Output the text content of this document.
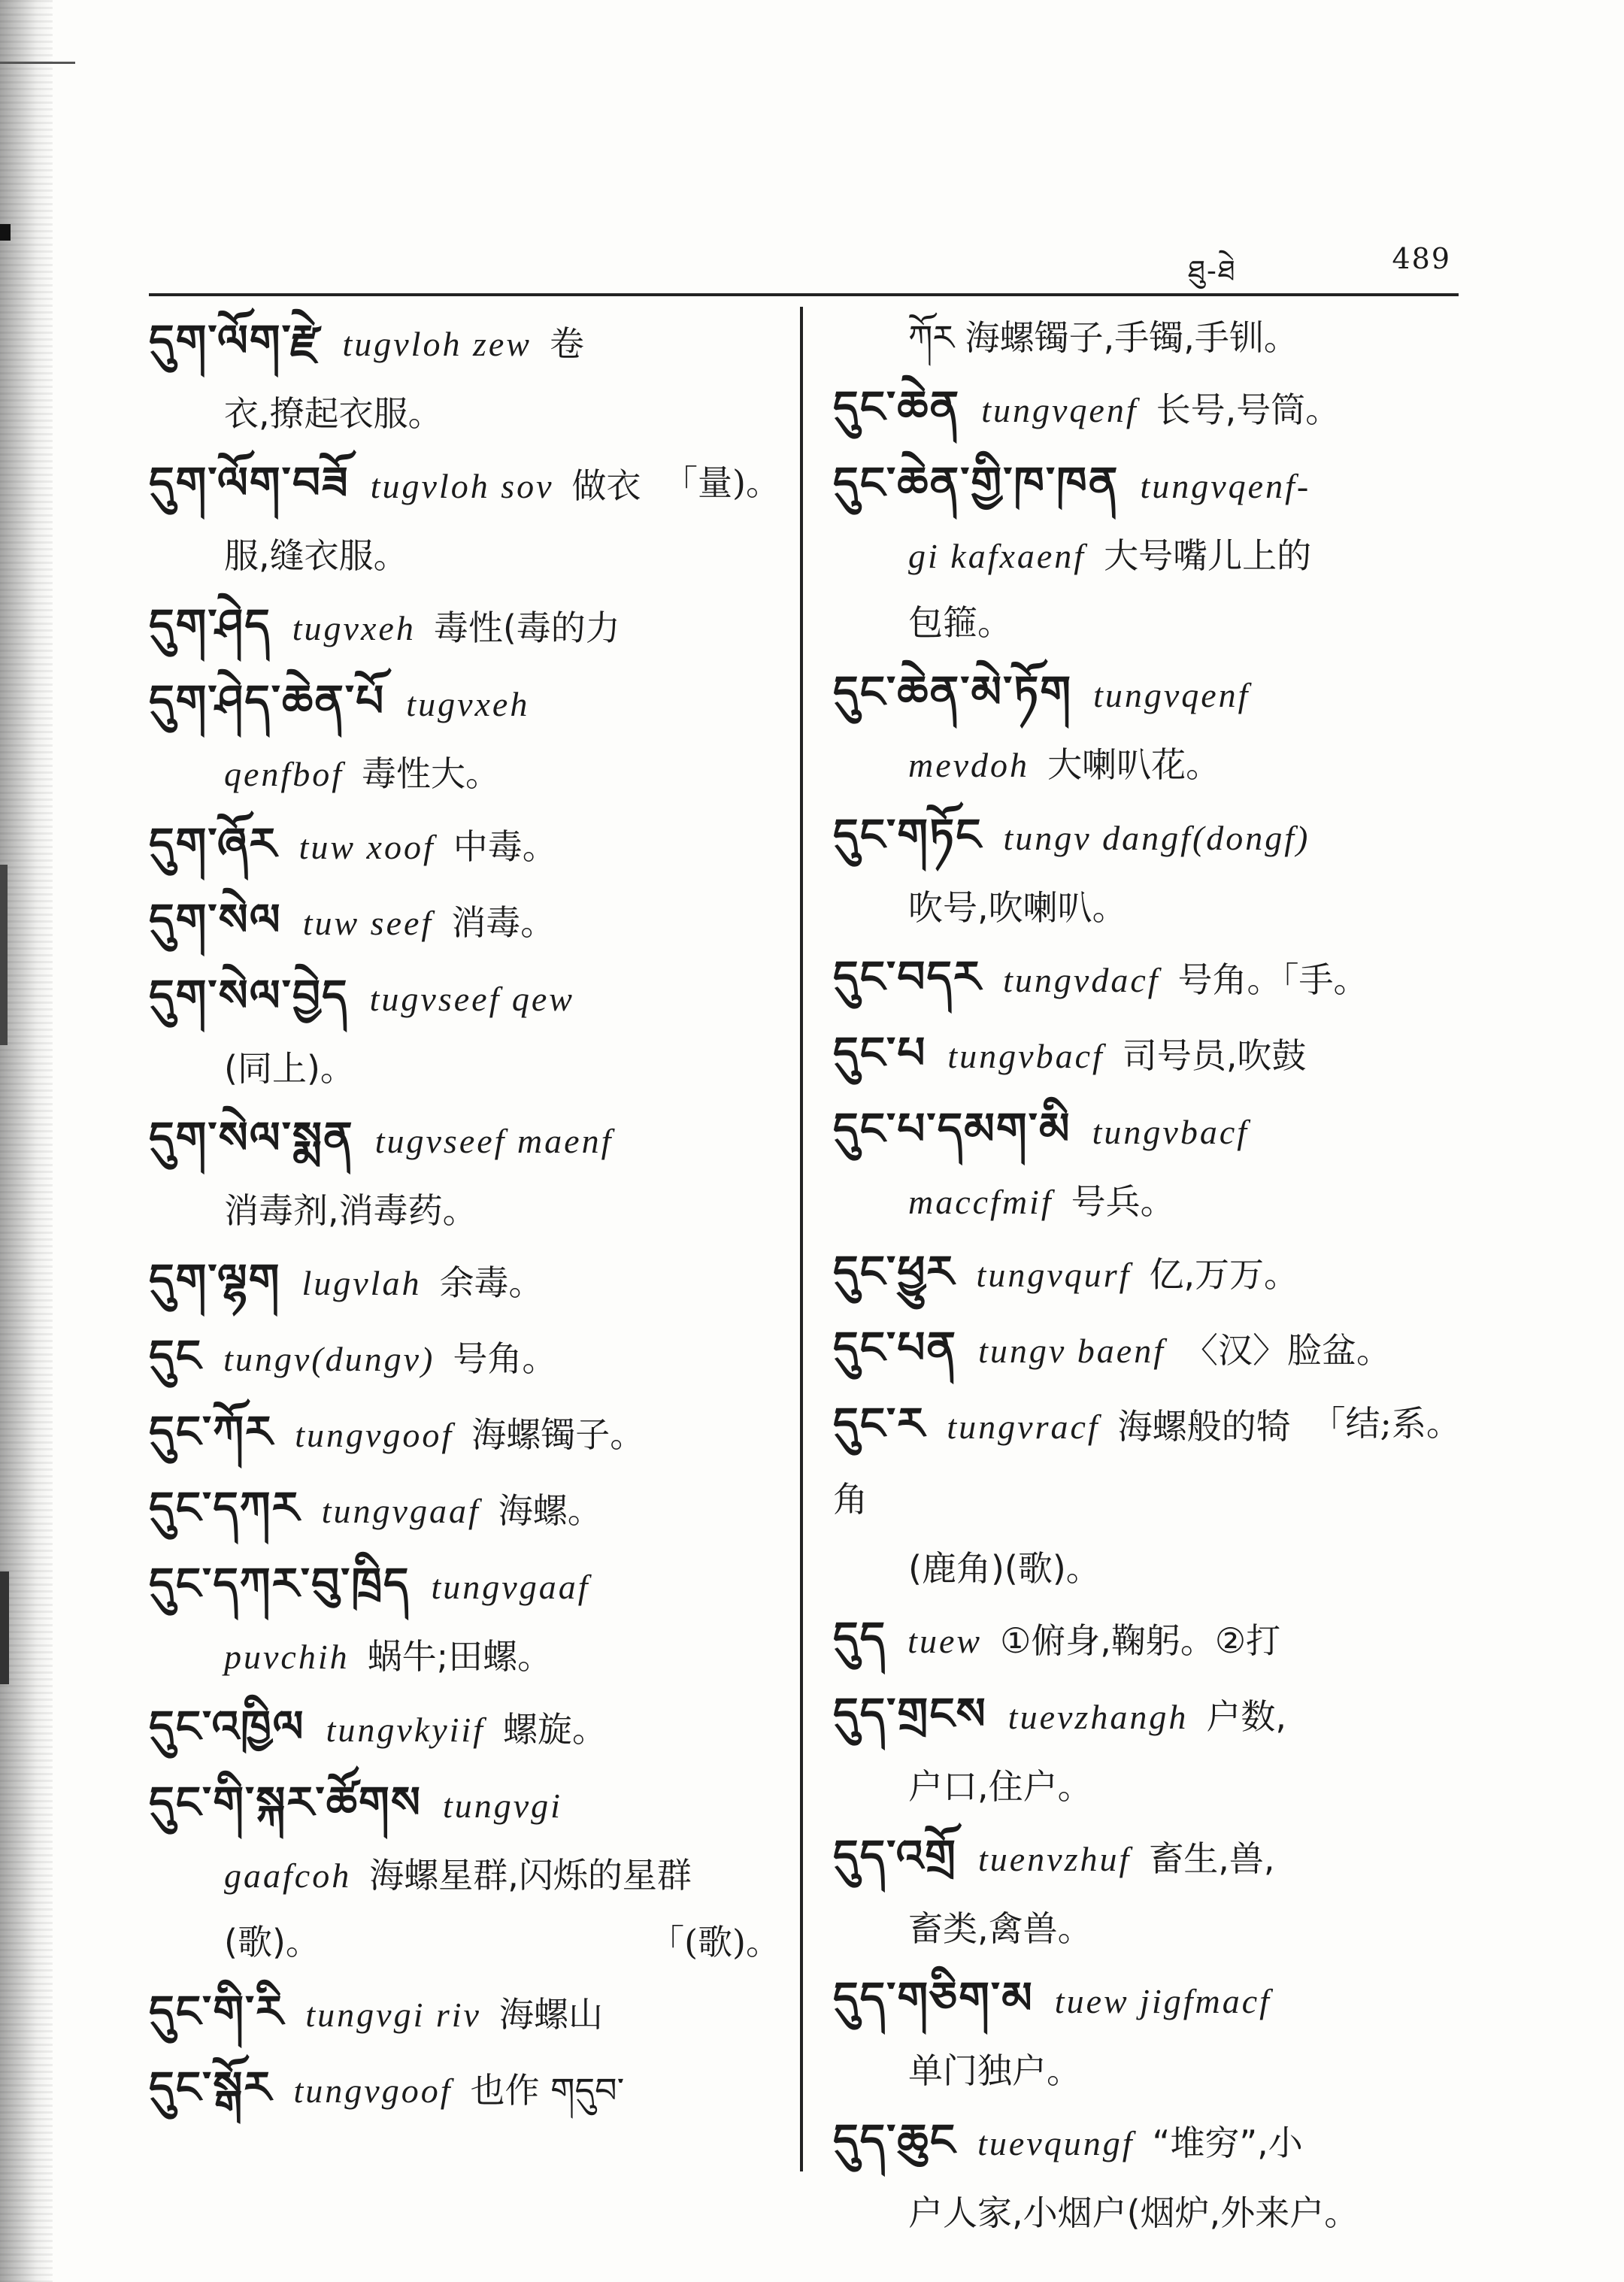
ཐུ-ཐེ	489
དུག་ལོག་རྫེ tugvloh zew 卷
衣,撩起衣服。
「量)。
དུག་ལོག་བཟོ tugvloh sov 做衣
服,缝衣服。
དུག་ཤེད tugvxeh 毒性(毒的力
དུག་ཤེད་ཆེན་པོ tugvxeh
qenfbof 毒性大。
དུག་ཞོར tuw xoof 中毒。
དུག་སེལ tuw seef 消毒。
དུག་སེལ་བྱེད tugvseef qew
(同上)。
དུག་སེལ་སྨན tugvseef maenf
消毒剂,消毒药。
དུག་ལྷག lugvlah 余毒。
དུང tungv(dungv) 号角。
དུང་ཀོར tungvgoof 海螺镯子。
དུང་དཀར tungvgaaf 海螺。
དུང་དཀར་བུ་ཁྲིད tungvgaaf
puvchih 蜗牛;田螺。
དུང་འཁྱིལ tungvkyiif 螺旋。
དུང་གི་སྐར་ཚོགས tungvgi
gaafcoh 海螺星群,闪烁的星群
「(歌)。
(歌)。
དུང་གི་རི tungvgi riv 海螺山
དུང་སྒོར tungvgoof 也作 གདུབ་
ཀོར 海螺镯子,手镯,手钏。
དུང་ཆེན tungvqenf 长号,号筒。
དུང་ཆེན་གྱི་ཁ་ཁན tungvqenf-
gi kafxaenf 大号嘴儿上的
包箍。
དུང་ཆེན་མེ་ཏོག tungvqenf
mevdoh 大喇叭花。
དུང་གཏོང tungv dangf(dongf)
吹号,吹喇叭。
དུང་བདར tungvdacf 号角。「手。
དུང་པ tungvbacf 司号员,吹鼓
དུང་པ་དམག་མི tungvbacf
maccfmif 号兵。
དུང་ཕྱུར tungvqurf 亿,万万。
དུང་པན tungv baenf 〈汉〉脸盆。
「结;系。
དུང་ར tungvracf 海螺般的犄角
(鹿角)(歌)。
དུད tuew ①俯身,鞠躬。②打
དུད་གྲངས tuevzhangh 户数,
户口,住户。
དུད་འགྲོ tuenvzhuf 畜生,兽,
畜类,禽兽。
དུད་གཅིག་མ tuew jigfmacf
单门独户。
དུད་ཆུང tuevqungf “堆穷”,小
户人家,小烟户(烟炉,外来户。
